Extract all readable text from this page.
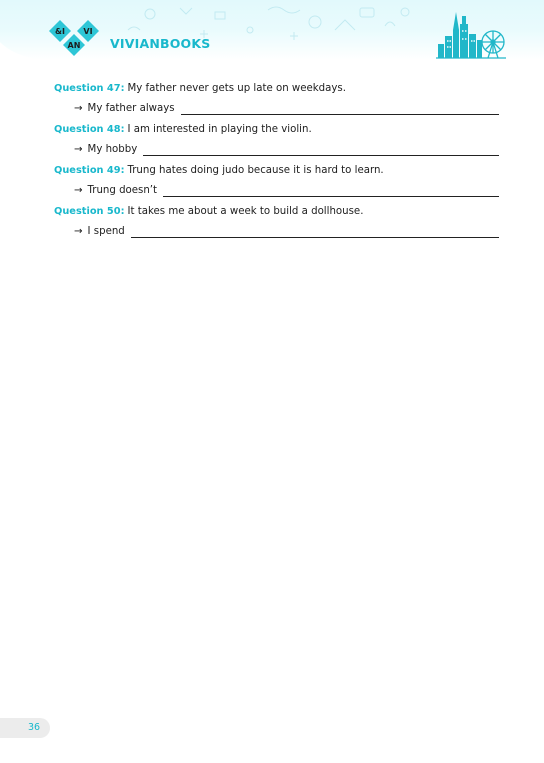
&I VI
AN VIVIANBOOKS
Question 47: My father never gets up late on weekdays.
→ My father always
Question 48: I am interested in playing the violin.
→ My hobby
Question 49: Trung hates doing judo because it is hard to learn.
→ Trung doesn’t
Question 50: It takes me about a week to build a dollhouse.
→ I spend
36
